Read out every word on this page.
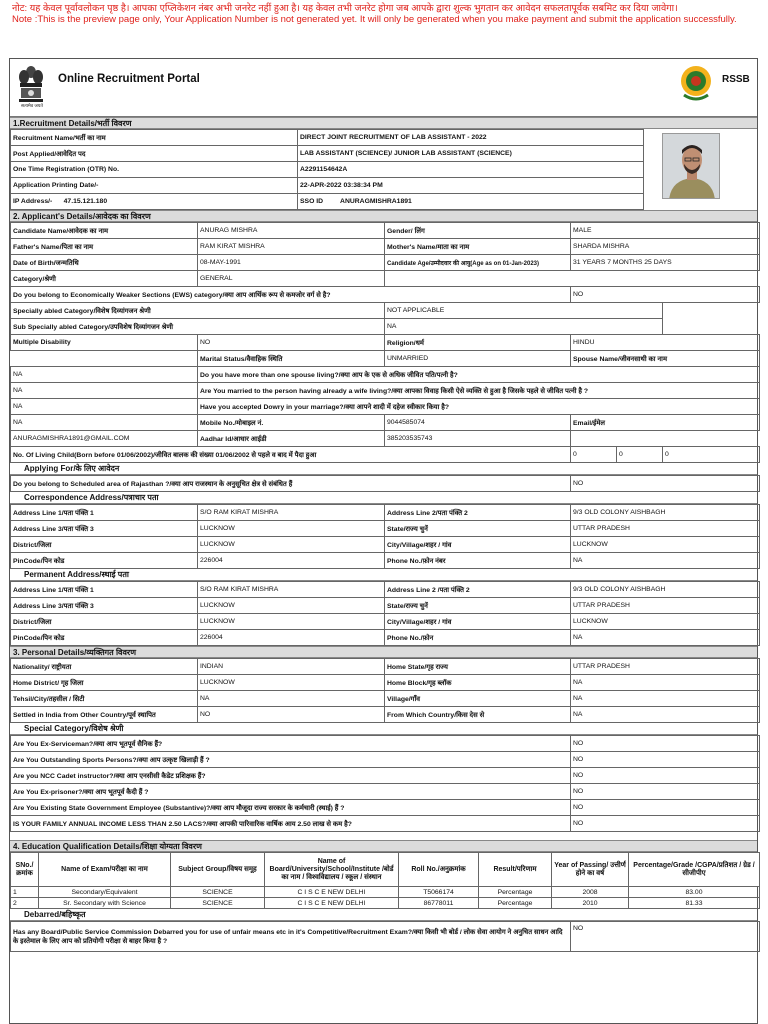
नोट: यह केवल पूर्वावलोकन पृष्ठ है। आपका एप्लिकेशन नंबर अभी जनरेट नहीं हुआ है। यह केवल तभी जनरेट होगा जब आपके द्वारा शुल्क भुगतान कर आवेदन सफलतापूर्वक सबमिट कर दिया जावेगा।
Note :This is the preview page only, Your Application Number is not generated yet. It will only be generated when you make payment and submit the application successfully.
सत्यमेव जयते
Online Recruitment Portal	RSSB
1.Recruitment Details/भर्ती विवरण
Recruitment Name/भर्ती का नाम	DIRECT JOINT RECRUITMENT OF LAB ASSISTANT - 2022
Post Applied/आवेदित पद	LAB ASSISTANT (SCIENCE)/ JUNIOR LAB ASSISTANT (SCIENCE)
One Time Registration (OTR) No.	A2291154642A
Application Printing Date/-	22-APR-2022 03:38:34 PM
IP Address/- 47.15.121.180	SSO ID ANURAGMISHRA1891
2. Applicant's Details/आवेदक का विवरण
Candidate Name/आवेदक का नाम	ANURAG MISHRA	Gender/ लिंग	MALE		
Father's Name/पिता का नाम	RAM KIRAT MISHRA	Mother's Name/माता का नाम	SHARDA MISHRA		
Date of Birth/जन्मतिथि	08-MAY-1991	Candidate Age/उम्मीदवार की आयु(Age as on 01-Jan-2023)	31 YEARS 7 MONTHS 25 DAYS		
Category/श्रेणी	GENERAL				
Do you belong to Economically Weaker Sections (EWS) category/क्या आप आर्थिक रूप से कमजोर वर्ग से है?			NO		
Specially abled Category/विशेष दिव्यांगजन श्रेणी		NOT APPLICABLE			
Sub Specially abled Category/उपविशेष दिव्यांगजन श्रेणी		NA			
Multiple Disability	NO	Religion/धर्म	HINDU		
	Marital Status/वैवाहिक स्थिति	UNMARRIED	Spouse Name/जीवनसाथी का नाम		
NA	Do you have more than one spouse living?/क्या आप के एक से अधिक जीवित पति/पत्नी है?				
NA	Are You married to the person having already a wife living?/क्या आपका विवाह किसी ऐसे व्यक्ति से हुआ है जिसके पहले से जीवित पत्नी है ?				
NA	Have you accepted Dowry in your marriage?/क्या आपने शादी में दहेज स्वीकार किया है?				
NA	Mobile No./मोबाइल नं.	9044585074	Email/ईमेल		
ANURAGMISHRA1891@GMAIL.COM	Aadhar Id/आधार आईडी	385203535743			
No. Of Living Child(Born before 01/06/2002)/जीवित बालक की संख्या 01/06/2002 से पहले व बाद में पैदा हुआ			0	0	0
Applying For/के लिए आवेदन
Do you belong to Scheduled area of Rajasthan ?/क्या आप राजस्थान के अनुसूचित क्षेत्र से संबंधित हैं	NO
Correspondence Address/पत्राचार पता
Address Line 1/पता पंक्ति 1	S/O RAM KIRAT MISHRA	Address Line 2/पता पंक्ति 2	9/3 OLD COLONY AISHBAGH
Address Line 3/पता पंक्ति 3	LUCKNOW	State/राज्य चुनें	UTTAR PRADESH
District/जिला	LUCKNOW	City/Village/शहर / गांव	LUCKNOW
PinCode/पिन कोड	226004	Phone No./फ़ोन नंबर	NA
Permanent Address/स्थाई पता
Address Line 1/पता पंक्ति 1	S/O RAM KIRAT MISHRA	Address Line 2 /पता पंक्ति 2	9/3 OLD COLONY AISHBAGH
Address Line 3/पता पंक्ति 3	LUCKNOW	State/राज्य चुनें	UTTAR PRADESH
District/जिला	LUCKNOW	City/Village/शहर / गांव	LUCKNOW
PinCode/पिन कोड	226004	Phone No./फ़ोन	NA
3. Personal Details/व्यक्तिगत विवरण
Nationality/ राष्ट्रीयता	INDIAN	Home State/गृह राज्य	UTTAR PRADESH
Home District/ गृह जिला	LUCKNOW	Home Block/गृह ब्लॉक	NA
Tehsil/City/तहसील / सिटी	NA	Village/गाँव	NA
Settled in India from Other Country/पूर्व स्थापित	NO	From Which Country/किस देस से	NA
Special Category/विशेष श्रेणी
Are You Ex-Serviceman?/क्या आप भूतपूर्व सैनिक हैं?	NO
Are You Outstanding Sports Persons?/क्या आप उत्कृष्ट खिलाड़ी हैं ?	NO
Are you NCC Cadet instructor?/क्या आप एनसीसी कैडेट प्रशिक्षक हैं?	NO
Are You Ex-prisoner?/क्या आप भूतपूर्व कैदी हैं ?	NO
Are You Existing State Government Employee (Substantive)?/क्या आप मौजूदा राज्य सरकार के कर्मचारी (स्थाई) हैं ?	NO
IS YOUR FAMILY ANNUAL INCOME LESS THAN 2.50 LACS?/क्या आपकी पारिवारिक वार्षिक आय 2.50 लाख से कम है?	NO
4. Education Qualification Details/शिक्षा योग्यता विवरण
SNo./ क्रमांक	Name of Exam/परीक्षा का नाम	Subject Group/विषय समूह	Name of Board/University/School/Institute /बोर्ड का नाम / विश्वविद्यालय / स्कूल / संस्थान	Roll No./अनुक्रमांक	Result/परिणाम	Year of Passing/ उत्तीर्ण होने का वर्ष	Percentage/Grade /CGPA/प्रतिशत / ग्रेड / सीजीपीए
1	Secondary/Equivalent	SCIENCE	C I S C E NEW DELHI	T5066174	Percentage	2008	83.00
2	Sr. Secondary with Science	SCIENCE	C I S C E NEW DELHI	86778011	Percentage	2010	81.33
Debarred/बहिष्कृत
Has any Board/Public Service Commission Debarred you for use of unfair means etc in it's Competitive/Recruitment Exam?/क्या किसी भी बोर्ड / लोक सेवा आयोग ने अनुचित साधन आदि के इस्तेमाल के लिए आप को प्रतियोगी परीक्षा से बाहर किया है ?	NO
